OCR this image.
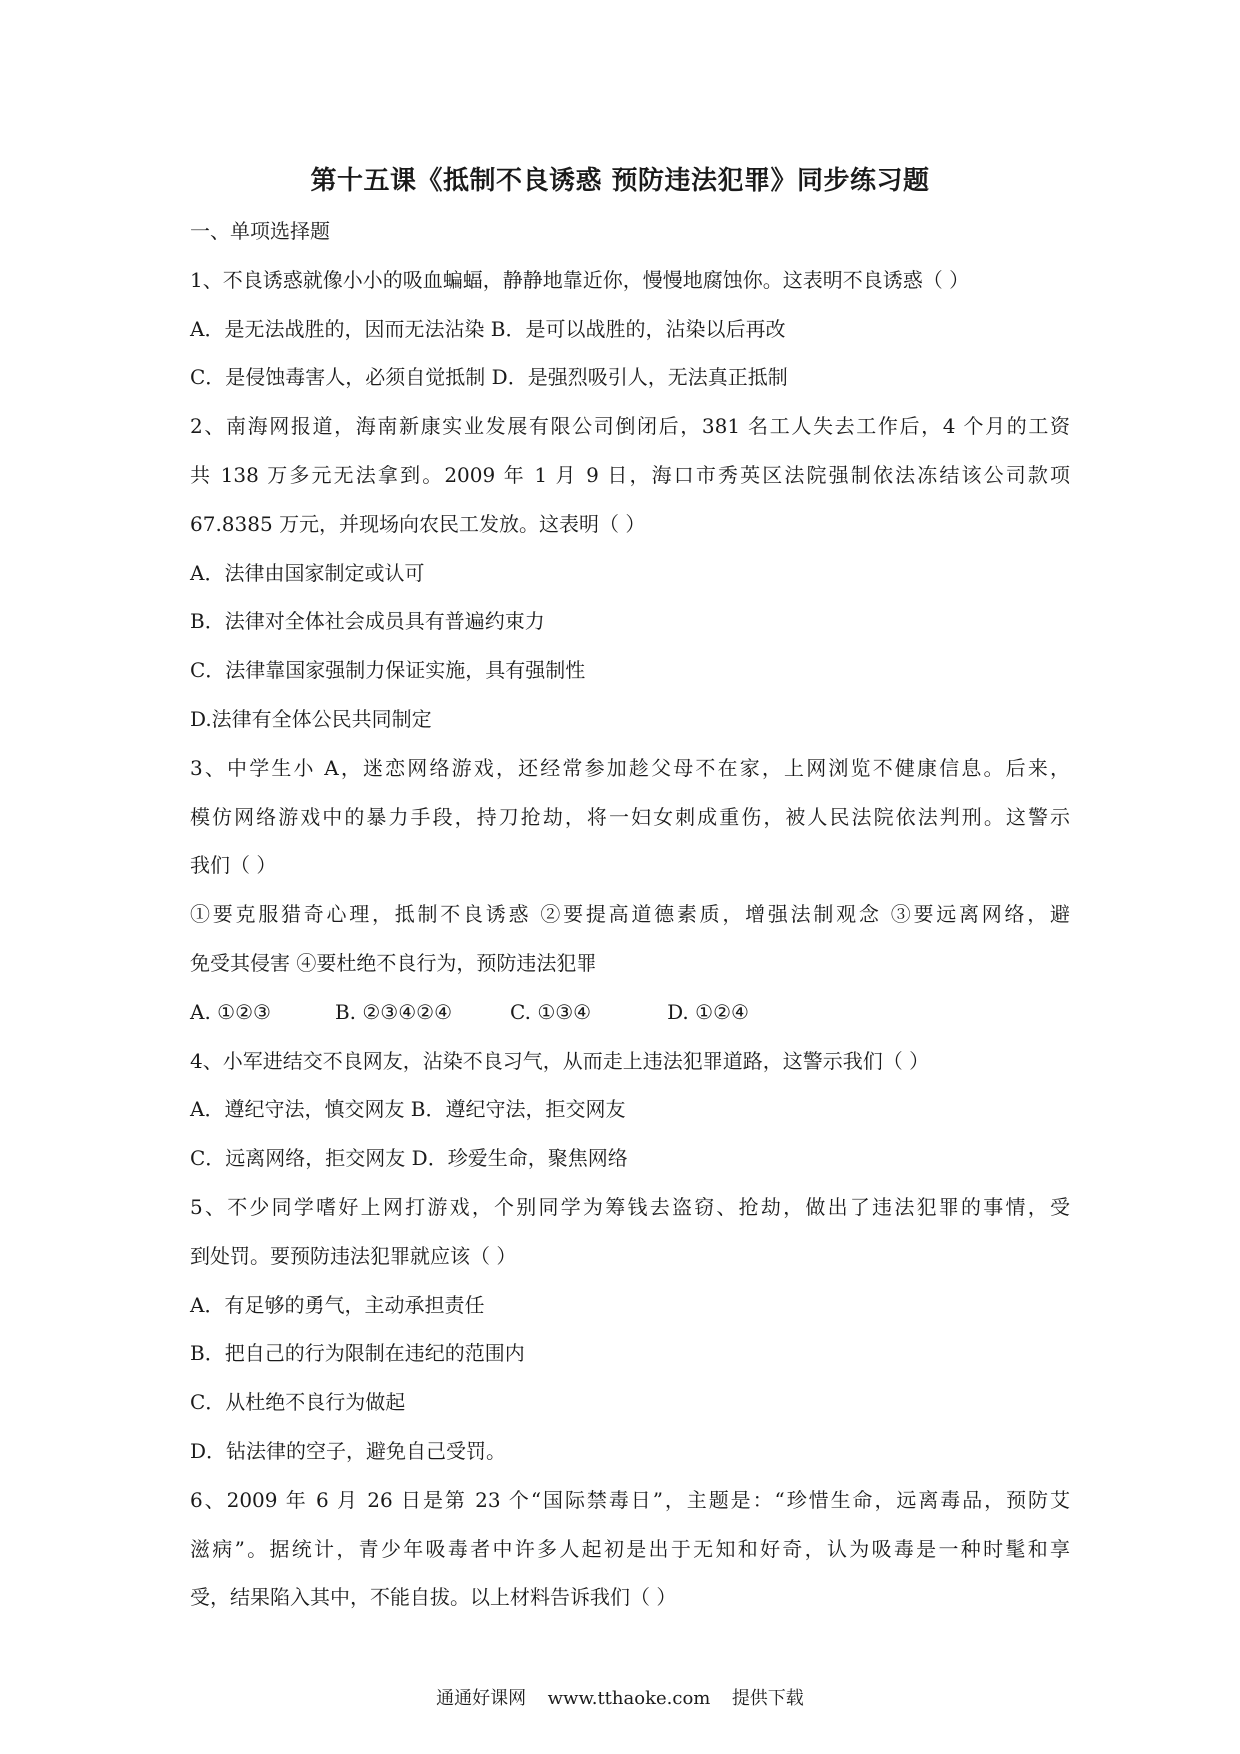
第十五课《抵制不良诱惑 预防违法犯罪》同步练习题
一、单项选择题
1、不良诱惑就像小小的吸血蝙蝠，静静地靠近你，慢慢地腐蚀你。这表明不良诱惑（ ）
A．是无法战胜的，因而无法沾染 B．是可以战胜的，沾染以后再改
C．是侵蚀毒害人，必须自觉抵制 D．是强烈吸引人，无法真正抵制
2、南海网报道，海南新康实业发展有限公司倒闭后，381 名工人失去工作后，4 个月的工资
共 138 万多元无法拿到。2009 年 1 月 9 日，海口市秀英区法院强制依法冻结该公司款项
67.8385 万元，并现场向农民工发放。这表明（ ）
A．法律由国家制定或认可
B．法律对全体社会成员具有普遍约束力
C．法律靠国家强制力保证实施，具有强制性
D.法律有全体公民共同制定
3、中学生小 A，迷恋网络游戏，还经常参加趁父母不在家，上网浏览不健康信息。后来，
模仿网络游戏中的暴力手段，持刀抢劫，将一妇女刺成重伤，被人民法院依法判刑。这警示
我们（ ）
①要克服猎奇心理，抵制不良诱惑 ②要提高道德素质，增强法制观念 ③要远离网络，避
免受其侵害 ④要杜绝不良行为，预防违法犯罪
A. ①②③	B. ②③④②④	C. ①③④	D. ①②④
4、小军进结交不良网友，沾染不良习气，从而走上违法犯罪道路，这警示我们（ ）
A．遵纪守法，慎交网友 B．遵纪守法，拒交网友
C．远离网络，拒交网友 D．珍爱生命，聚焦网络
5、不少同学嗜好上网打游戏，个别同学为筹钱去盗窃、抢劫，做出了违法犯罪的事情，受
到处罚。要预防违法犯罪就应该（ ）
A．有足够的勇气，主动承担责任
B．把自己的行为限制在违纪的范围内
C．从杜绝不良行为做起
D．钻法律的空子，避免自己受罚。
6、2009 年 6 月 26 日是第 23 个“国际禁毒日”，主题是：“珍惜生命，远离毒品，预防艾
滋病”。据统计，青少年吸毒者中许多人起初是出于无知和好奇，认为吸毒是一种时髦和享
受，结果陷入其中，不能自拔。以上材料告诉我们（ ）
通通好课网 www.tthaoke.com 提供下载
